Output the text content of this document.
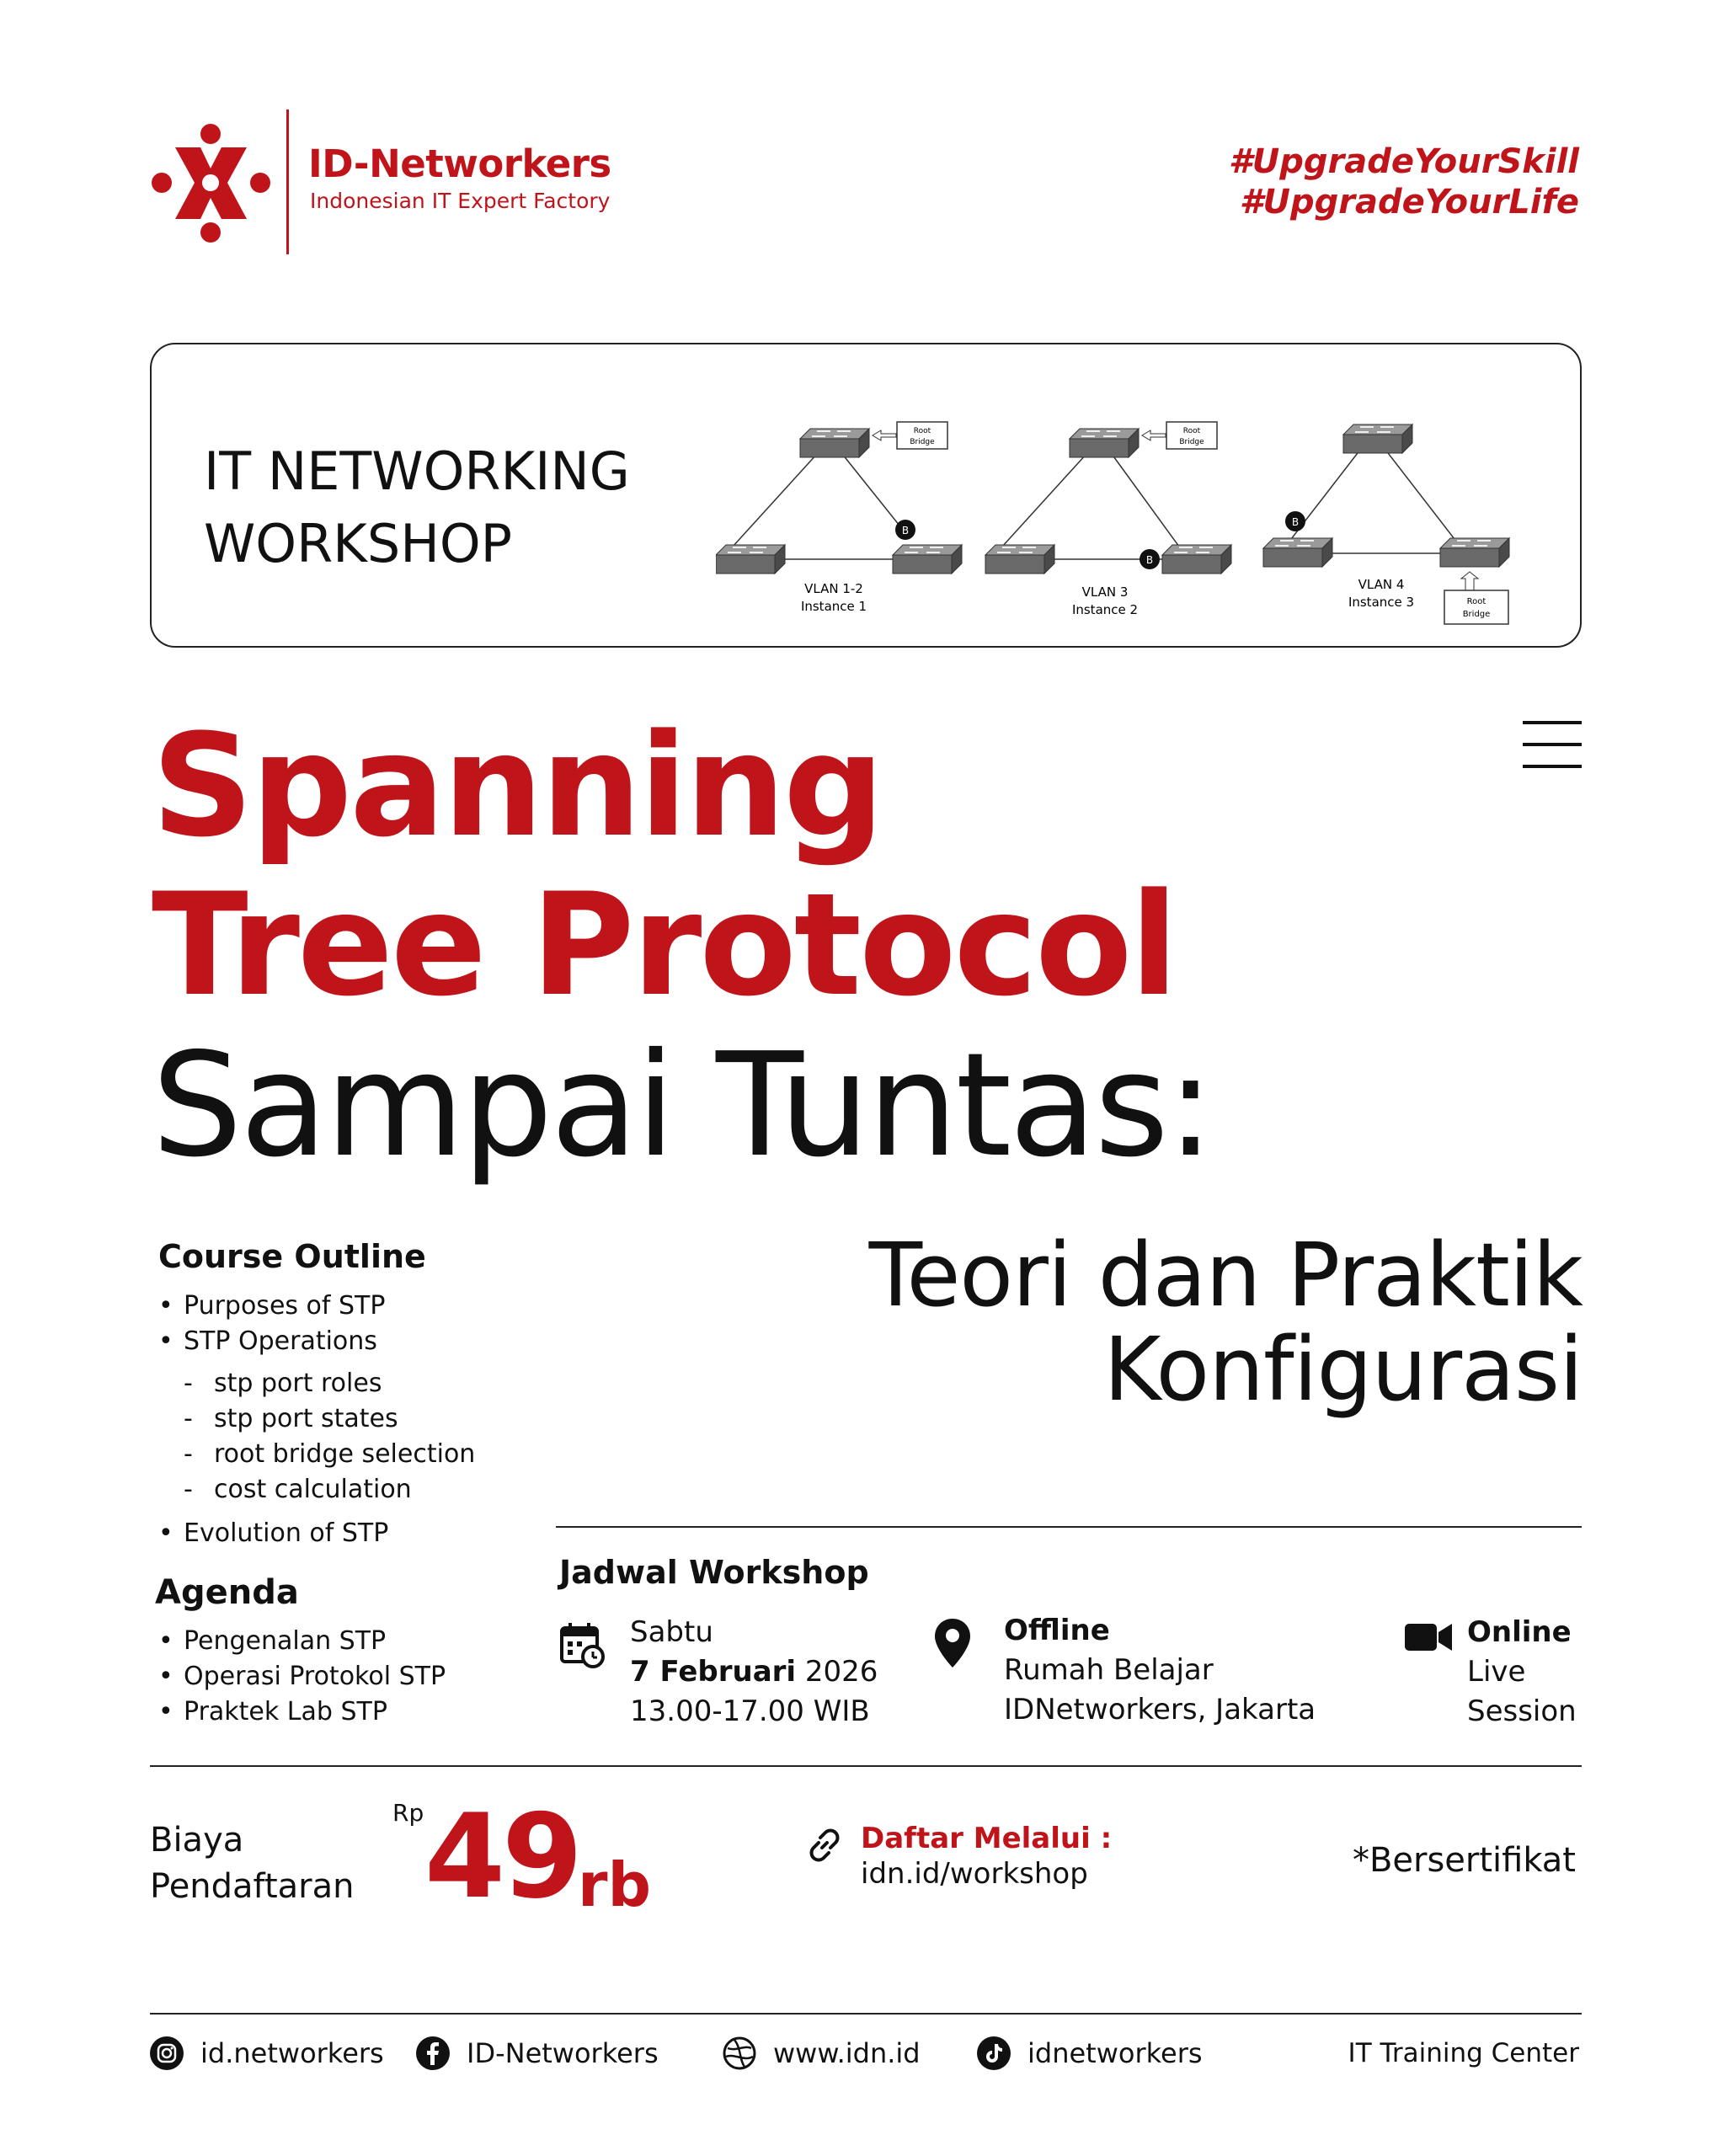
ID-Networkers
Indonesian IT Expert Factory
#UpgradeYourSkill
#UpgradeYourLife
IT NETWORKING
WORKSHOP	B
Root
Bridge
VLAN 1-2
Instance 1
B
Root
Bridge
VLAN 3
Instance 2
B
Root
Bridge
VLAN 4
Instance 3
Spanning
Tree Protocol
Sampai Tuntas:
Teori dan Praktik
Konfigurasi
Course Outline
• Purposes of STP
• STP Operations
- stp port roles
- stp port states
- root bridge selection
- cost calculation
• Evolution of STP
Agenda
• Pengenalan STP
• Operasi Protokol STP
• Praktek Lab STP
Jadwal Workshop
Sabtu
7 Februari 2026
13.00-17.00 WIB
Offline
Rumah Belajar
IDNetworkers, Jakarta
Online
Live
Session
Biaya
Pendaftaran
Rp 49
rb
Daftar Melalui :
idn.id/workshop	*Bersertifikat
id.networkers	ID-Networkers	www.idn.id	idnetworkers	IT Training Center
